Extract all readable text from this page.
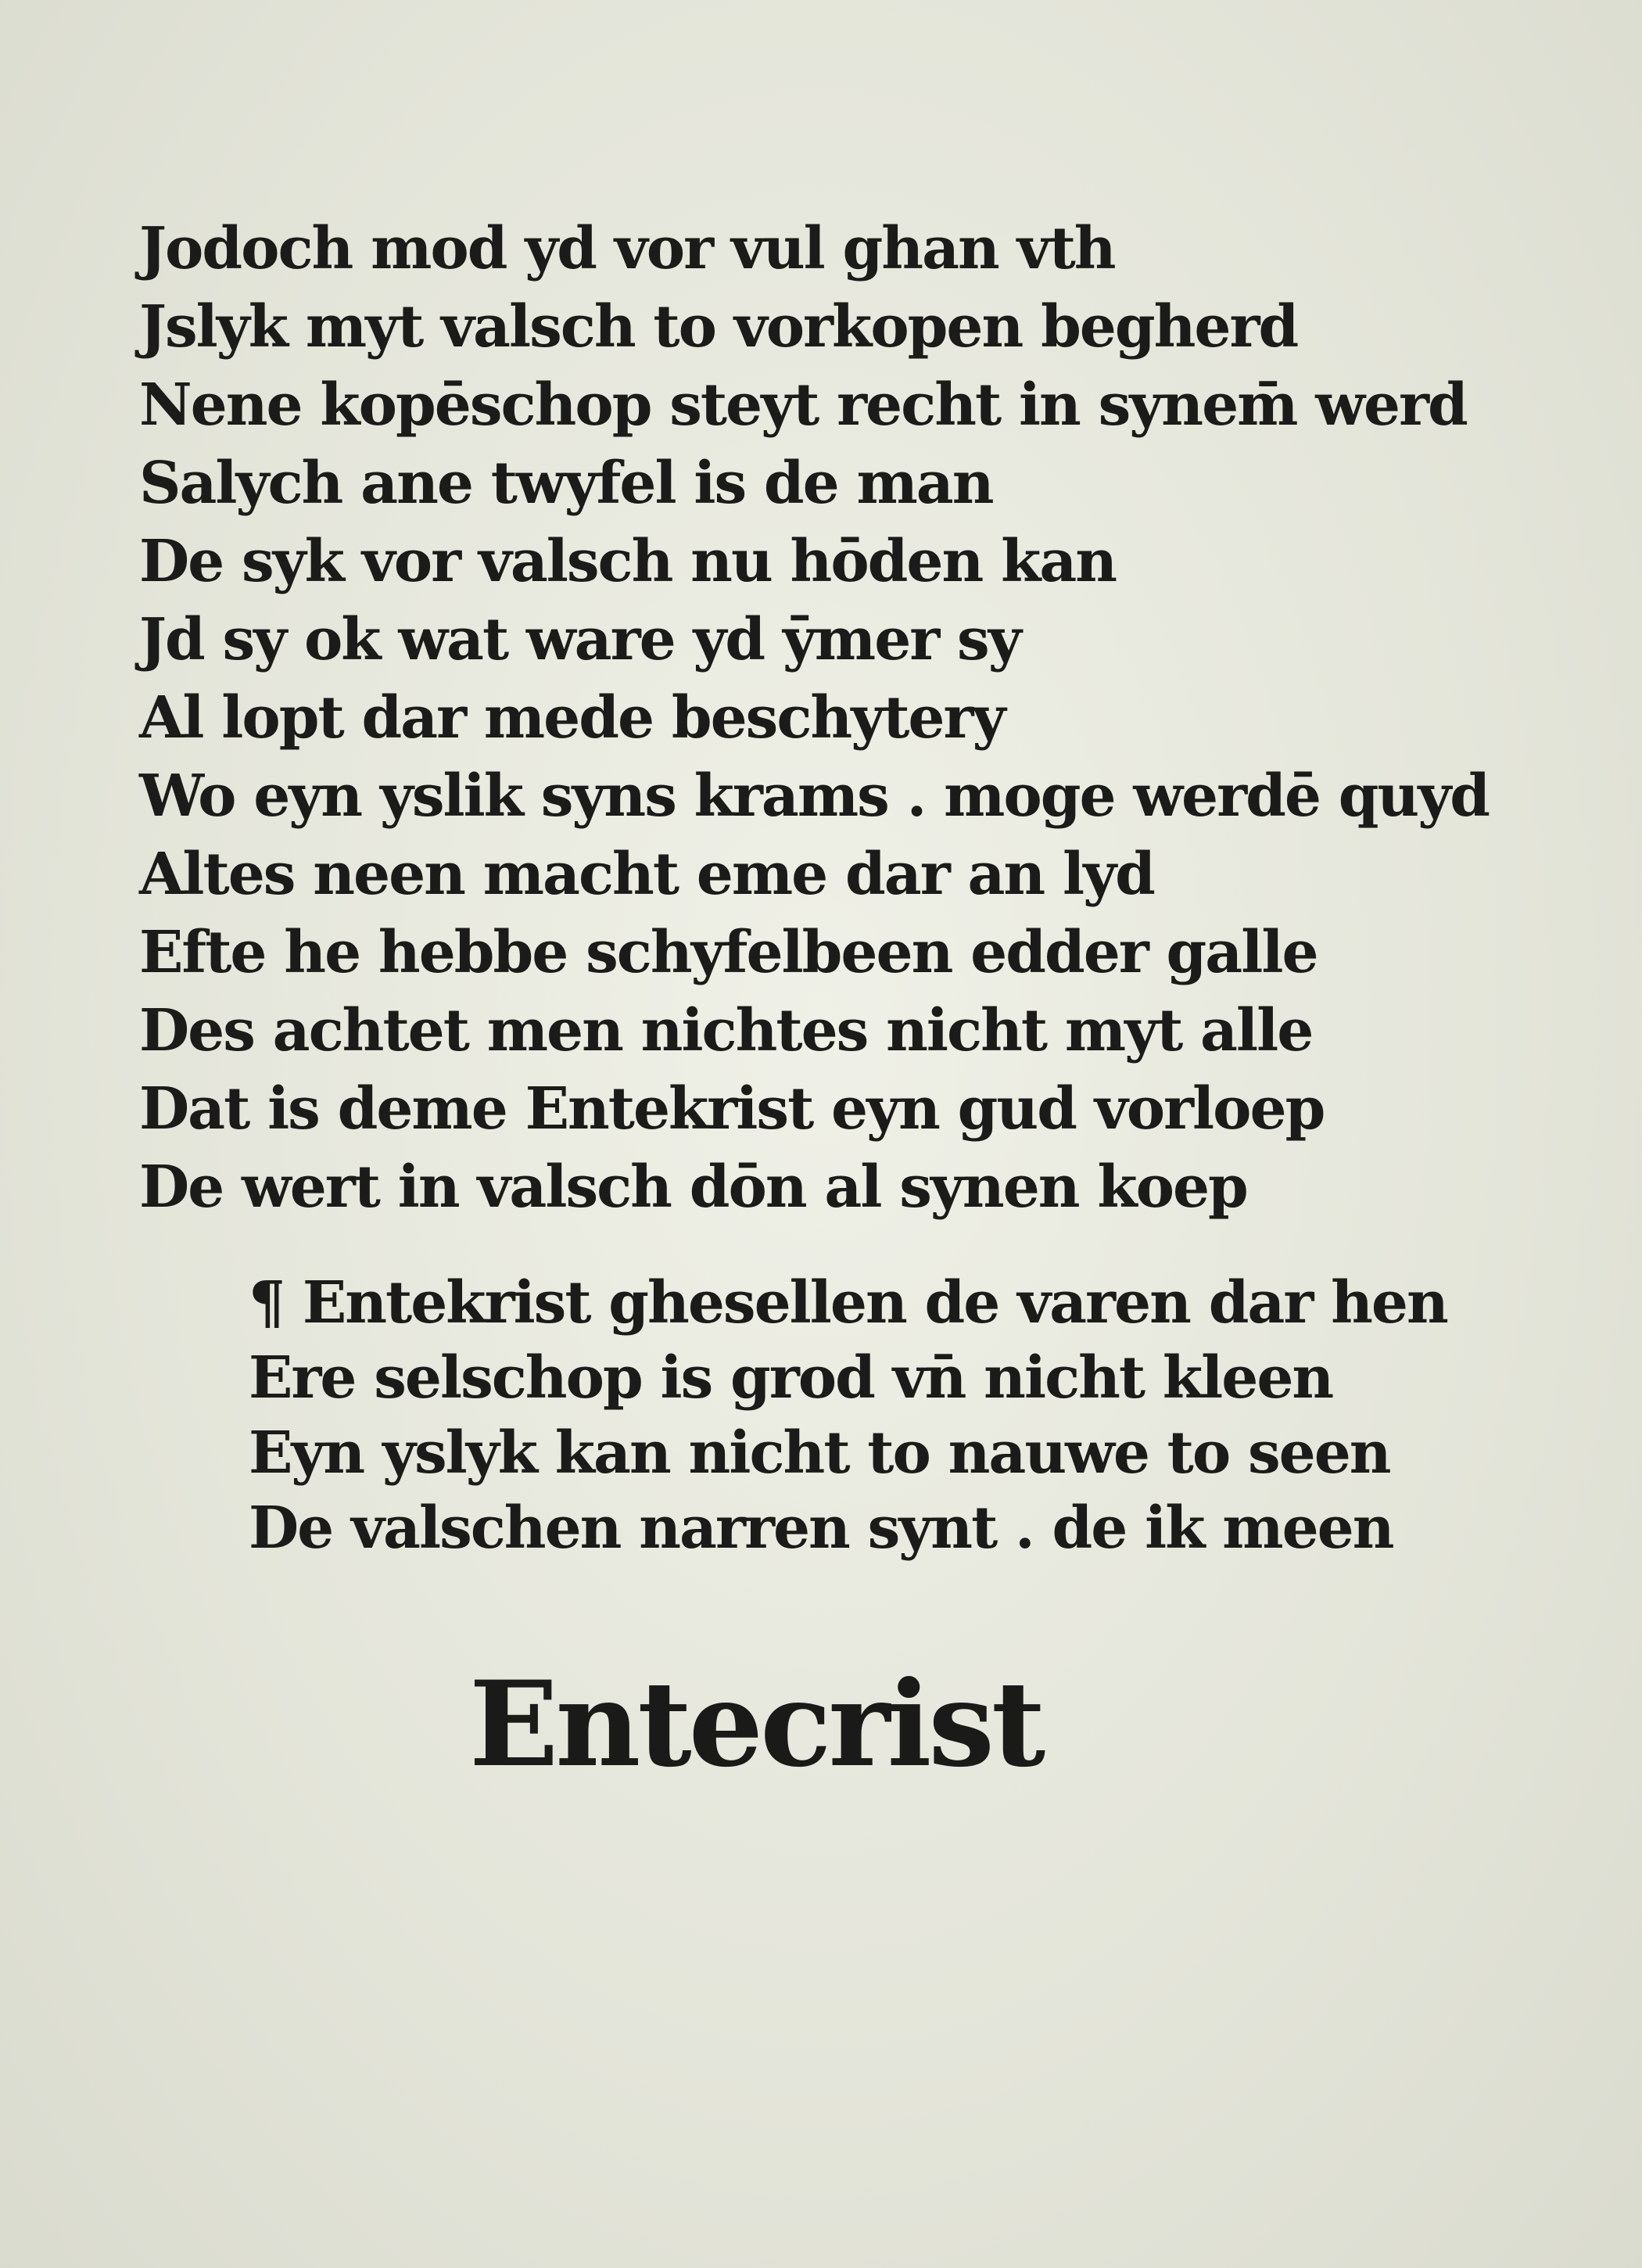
Jodoch mod yd vor vul ghan vth
Jslyk myt valsch to vorkopen begherd
Nene kopēschop steyt recht in synem̄ werd
Salych ane twyfel is de man
De syk vor valsch nu hōden kan
Jd sy ok wat ware yd ȳmer sy
Al lopt dar mede beschytery
Wo eyn yslik syns krams . moge werdē quyd
Altes neen macht eme dar an lyd
Efte he hebbe schyfelbeen edder galle
Des achtet men nichtes nicht myt alle
Dat is deme Entekrist eyn gud vorloep
De wert in valsch dōn al synen koep
¶ Entekrist ghesellen de varen dar hen
Ere selschop is grod vn̄ nicht kleen
Eyn yslyk kan nicht to nauwe to seen
De valschen narren synt . de ik meen
Entecrist
